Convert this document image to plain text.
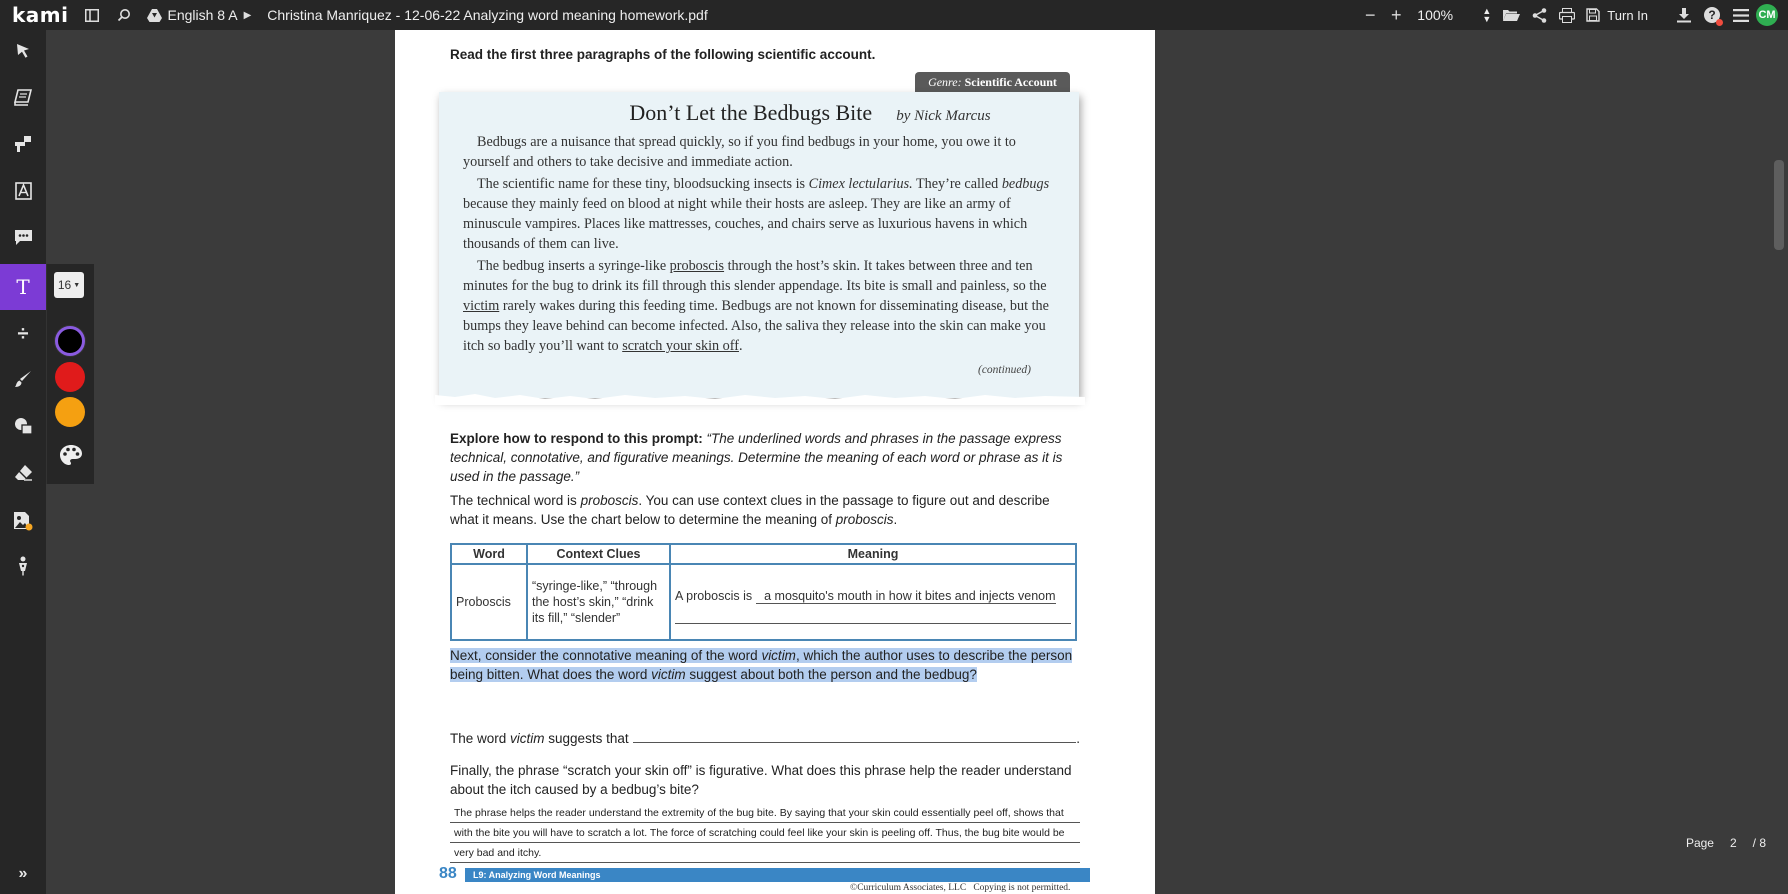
kami	English 8 A ▶ Christina Manriquez - 12-06-22 Analyzing word meaning homework.pdf	− +	100%	▲
▼	Turn In	?	CM
T
÷
»
16 ▼
Read the first three paragraphs of the following scientific account.
Genre:
Scientific Account
Don’t Let the Bedbugs Bite by Nick Marcus

Bedbugs are a nuisance that spread quickly, so if you find bedbugs in your home, you owe it to yourself and others to take decisive and immediate action.

The scientific name for these tiny, bloodsucking insects is Cimex lectularius. They’re called bedbugs because they mainly feed on blood at night while their hosts are asleep. They are like an army of minuscule vampires. Places like mattresses, couches, and chairs serve as luxurious havens in which thousands of them can live.

The bedbug inserts a syringe-like proboscis through the host’s skin. It takes between three and ten minutes for the bug to drink its fill through this slender appendage. Its bite is small and painless, so the victim rarely wakes during this feeding time. Bedbugs are not known for disseminating disease, but the bumps they leave behind can become infected. Also, the saliva they release into the skin can make you itch so badly you’ll want to scratch your skin off.

(continued)

Explore how to respond to this prompt: “The underlined words and phrases in the passage express technical, connotative, and figurative meanings. Determine the meaning of each word or phrase as it is used in the passage.”

The technical word is proboscis. You can use context clues in the passage to figure out and describe what it means. Use the chart below to determine the meaning of proboscis.

Word	Context Clues	Meaning
Proboscis	“syringe-like,” “through the host’s skin,” “drink its fill,” “slender”	A proboscis is a mosquito's mouth in how it bites and injects venom

Next, consider the connotative meaning of the word victim, which the author uses to describe the person being bitten. What does the word victim suggest about both the person and the bedbug?

The word victim suggests that	.

Finally, the phrase “scratch your skin off” is figurative. What does this phrase help the reader understand about the itch caused by a bedbug’s bite?

The phrase helps the reader understand the extremity of the bug bite. By saying that your skin could essentially peel off, shows that with the bite you will have to scratch a lot. The force of scratching could feel like your skin is peeling off. Thus, the bug bite would be very bad and itchy.
88	L9: Analyzing Word Meanings
©Curriculum Associates, LLC   Copying is not permitted.
Page 2 / 8
